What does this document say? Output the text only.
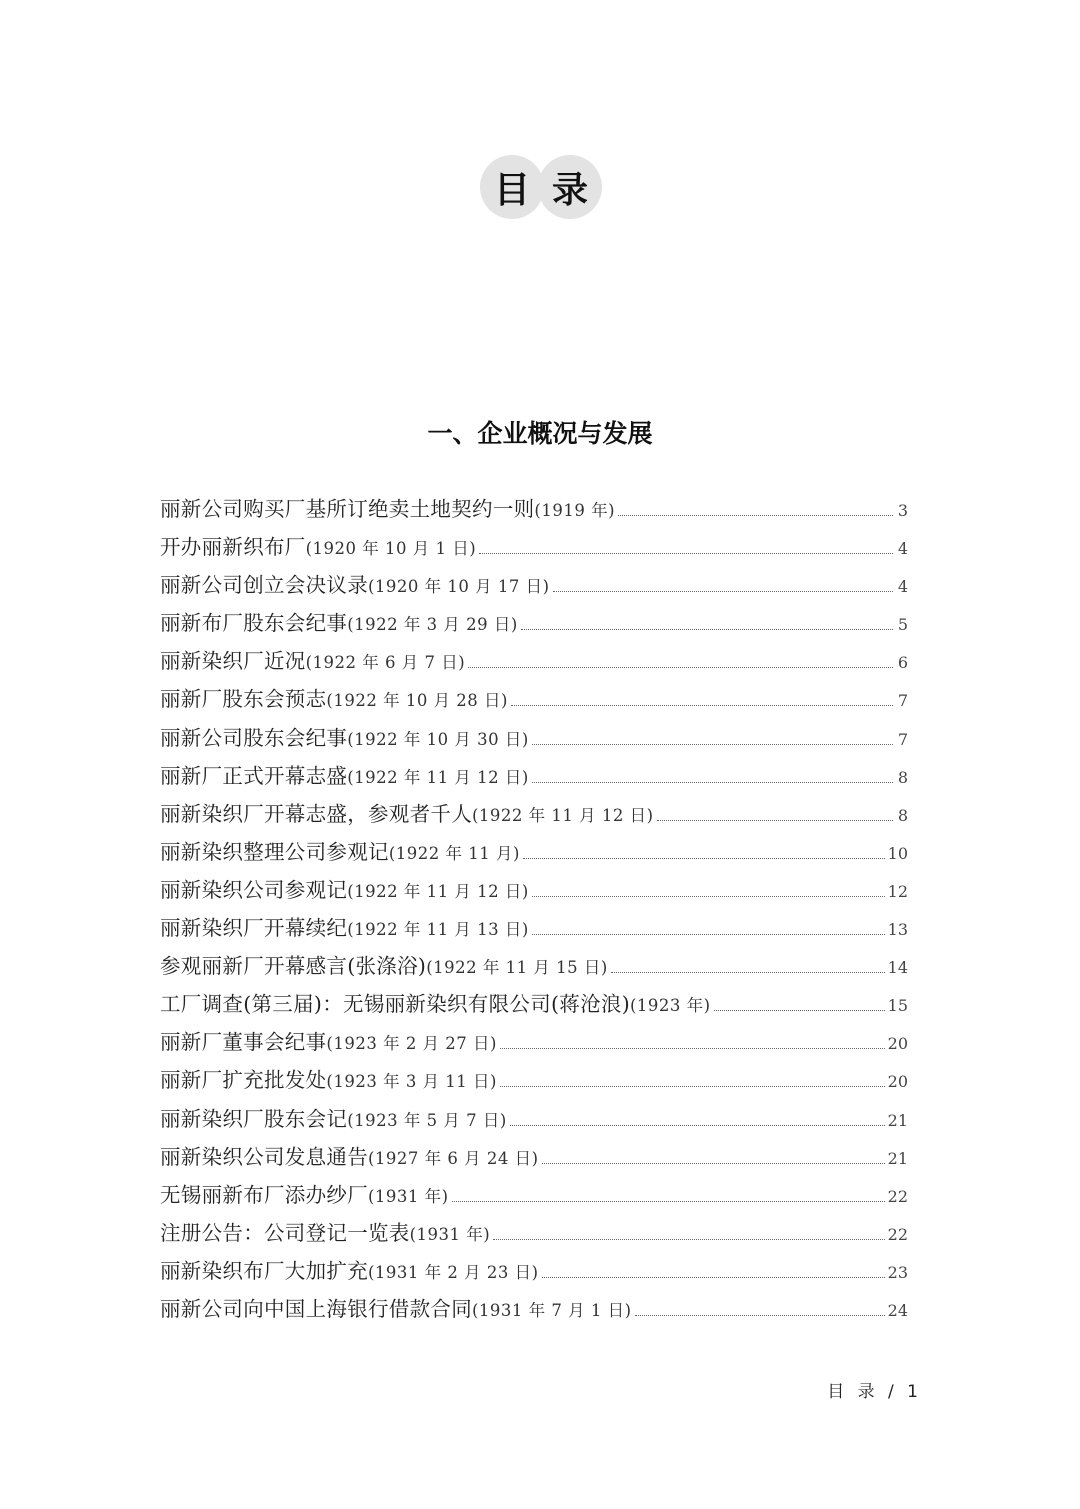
目 录
一、企业概况与发展
丽新公司购买厂基所订绝卖土地契约一则 (1919 年)	3
开办丽新织布厂 (1920 年 10 月 1 日)	4
丽新公司创立会决议录 (1920 年 10 月 17 日)	4
丽新布厂股东会纪事 (1922 年 3 月 29 日)	5
丽新染织厂近况 (1922 年 6 月 7 日)	6
丽新厂股东会预志 (1922 年 10 月 28 日)	7
丽新公司股东会纪事 (1922 年 10 月 30 日)	7
丽新厂正式开幕志盛 (1922 年 11 月 12 日)	8
丽新染织厂开幕志盛，参观者千人 (1922 年 11 月 12 日)	8
丽新染织整理公司参观记 (1922 年 11 月)	10
丽新染织公司参观记 (1922 年 11 月 12 日)	12
丽新染织厂开幕续纪 (1922 年 11 月 13 日)	13
参观丽新厂开幕感言(张涤浴) (1922 年 11 月 15 日)	14
工厂调查(第三届)：无锡丽新染织有限公司(蒋沧浪) (1923 年)	15
丽新厂董事会纪事 (1923 年 2 月 27 日)	20
丽新厂扩充批发处 (1923 年 3 月 11 日)	20
丽新染织厂股东会记 (1923 年 5 月 7 日)	21
丽新染织公司发息通告 (1927 年 6 月 24 日)	21
无锡丽新布厂添办纱厂 (1931 年)	22
注册公告：公司登记一览表 (1931 年)	22
丽新染织布厂大加扩充 (1931 年 2 月 23 日)	23
丽新公司向中国上海银行借款合同 (1931 年 7 月 1 日)	24
目 录 / 1
